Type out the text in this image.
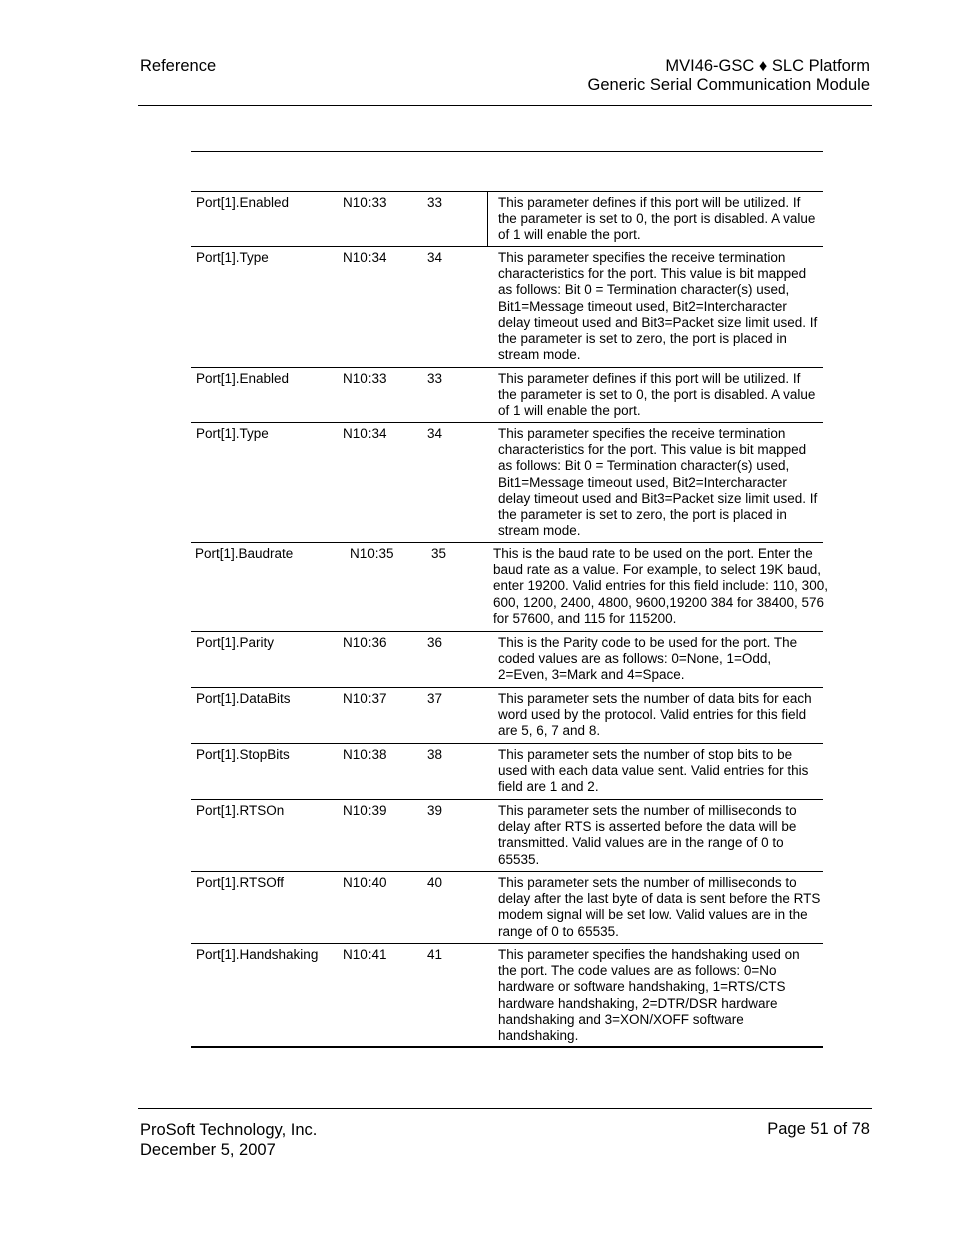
Reference	MVI46-GSC ♦ SLC Platform
Generic Serial Communication Module
Port[1].Enabled	N10:33	33	This parameter defines if this port will be utilized. If the parameter is set to 0, the port is disabled. A value of 1 will enable the port.
Port[1].Type	N10:34	34	This parameter specifies the receive termination characteristics for the port. This value is bit mapped as follows: Bit 0 = Termination character(s) used, Bit1=Message timeout used, Bit2=Intercharacter delay timeout used and Bit3=Packet size limit used. If the parameter is set to zero, the port is placed in stream mode.
Port[1].Enabled	N10:33	33	This parameter defines if this port will be utilized. If the parameter is set to 0, the port is disabled. A value of 1 will enable the port.
Port[1].Type	N10:34	34	This parameter specifies the receive termination characteristics for the port. This value is bit mapped as follows: Bit 0 = Termination character(s) used, Bit1=Message timeout used, Bit2=Intercharacter delay timeout used and Bit3=Packet size limit used. If the parameter is set to zero, the port is placed in stream mode.
Port[1].Baudrate	N10:35	35	This is the baud rate to be used on the port. Enter the baud rate as a value. For example, to select 19K baud, enter 19200. Valid entries for this field include: 110, 300, 600, 1200, 2400, 4800, 9600,19200 384 for 38400, 576 for 57600, and 115 for 115200.
Port[1].Parity	N10:36	36	This is the Parity code to be used for the port. The coded values are as follows: 0=None, 1=Odd, 2=Even, 3=Mark and 4=Space.
Port[1].DataBits	N10:37	37	This parameter sets the number of data bits for each word used by the protocol. Valid entries for this field are 5, 6, 7 and 8.
Port[1].StopBits	N10:38	38	This parameter sets the number of stop bits to be used with each data value sent. Valid entries for this field are 1 and 2.
Port[1].RTSOn	N10:39	39	This parameter sets the number of milliseconds to delay after RTS is asserted before the data will be transmitted. Valid values are in the range of 0 to 65535.
Port[1].RTSOff	N10:40	40	This parameter sets the number of milliseconds to delay after the last byte of data is sent before the RTS modem signal will be set low. Valid values are in the range of 0 to 65535.
Port[1].Handshaking N10:41	41	This parameter specifies the handshaking used on the port. The code values are as follows: 0=No hardware or software handshaking, 1=RTS/CTS hardware handshaking, 2=DTR/DSR hardware handshaking and 3=XON/XOFF software handshaking.
ProSoft Technology, Inc.
December 5, 2007
Page 51 of 78
